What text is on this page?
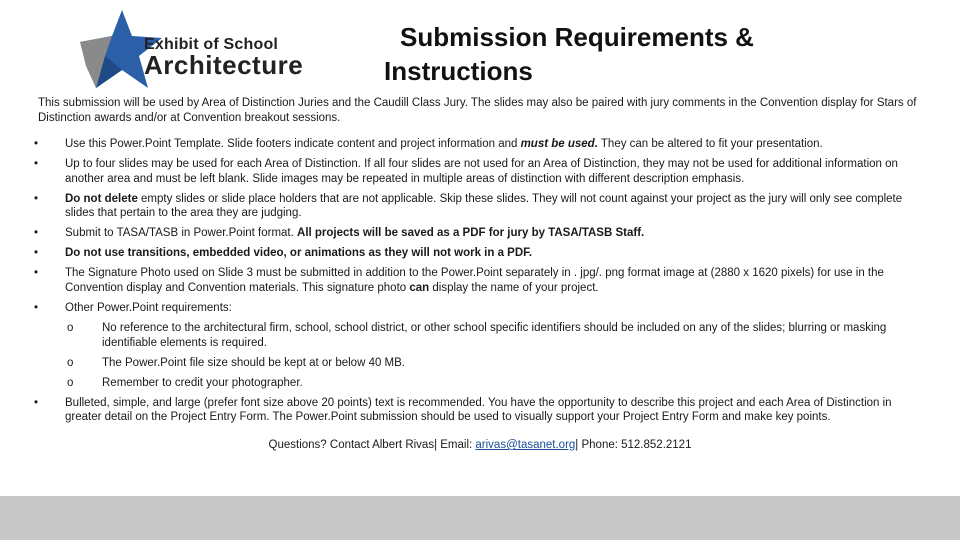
Exhibit of School
Architecture
Submission Requirements &
Instructions
This submission will be used by Area of Distinction Juries and the Caudill Class Jury. The slides may also be paired with jury comments in the Convention display for Stars of Distinction awards and/or at Convention breakout sessions.
• Use this Power.Point Template. Slide footers indicate content and project information and must be used. They can be altered to fit your presentation.
• Up to four slides may be used for each Area of Distinction. If all four slides are not used for an Area of Distinction, they may not be used for additional information on another area and must be left blank. Slide images may be repeated in multiple areas of distinction with different description emphasis.
• Do not delete empty slides or slide place holders that are not applicable. Skip these slides. They will not count against your project as the jury will only see complete slides that pertain to the area they are judging.
• Submit to TASA/TASB in Power.Point format. All projects will be saved as a PDF for jury by TASA/TASB Staff.
• Do not use transitions, embedded video, or animations as they will not work in a PDF.
• The Signature Photo used on Slide 3 must be submitted in addition to the Power.Point separately in . jpg/. png format image at (2880 x 1620 pixels) for use in the Convention display and Convention materials. This signature photo can display the name of your project.
• Other Power.Point requirements:
o No reference to the architectural firm, school, school district, or other school specific identifiers should be included on any of the slides; blurring or masking identifiable elements is required.
o The Power.Point file size should be kept at or below 40 MB.
o Remember to credit your photographer.
• Bulleted, simple, and large (prefer font size above 20 points) text is recommended. You have the opportunity to describe this project and each Area of Distinction in greater detail on the Project Entry Form. The Power.Point submission should be used to visually support your Project Entry Form and make key points.
Questions? Contact Albert Rivas| Email: arivas@tasanet.org| Phone: 512.852.2121
